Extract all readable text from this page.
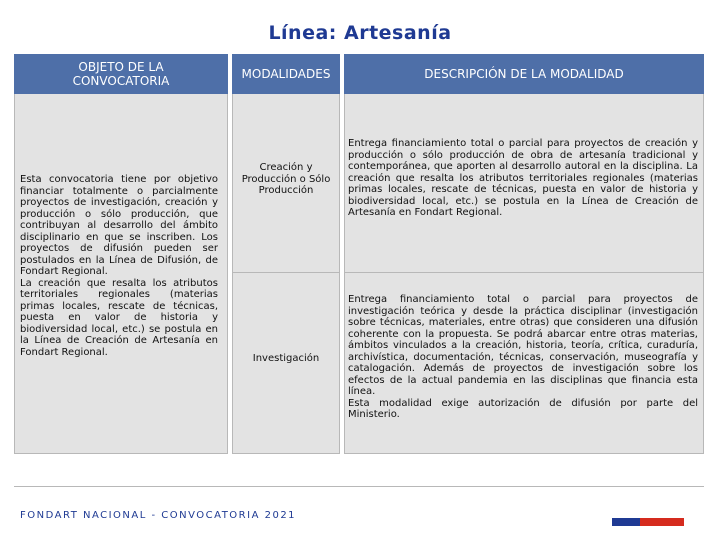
Línea: Artesanía
OBJETO DE LA CONVOCATORIA	MODALIDADES	DESCRIPCIÓN DE LA MODALIDAD
Esta convocatoria tiene por objetivo financiar totalmente o parcialmente proyectos de investigación, creación y producción o sólo producción, que contribuyan al desarrollo del ámbito disciplinario en que se inscriben. Los proyectos de difusión pueden ser postulados en la Línea de Difusión, de Fondart Regional.
La creación que resalta los atributos territoriales regionales (materias primas locales, rescate de técnicas, puesta en valor de historia y biodiversidad local, etc.) se postula en la Línea de Creación de Artesanía en Fondart Regional.
Creación y Producción o Sólo Producción
Investigación
Entrega financiamiento total o parcial para proyectos de creación y producción o sólo producción de obra de artesanía tradicional y contemporánea, que aporten al desarrollo autoral en la disciplina. La creación que resalta los atributos territoriales regionales (materias primas locales, rescate de técnicas, puesta en valor de historia y biodiversidad local, etc.) se postula en la Línea de Creación de Artesanía en Fondart Regional.
Entrega financiamiento total o parcial para proyectos de investigación teórica y desde la práctica disciplinar (investigación sobre técnicas, materiales, entre otras) que consideren una difusión coherente con la propuesta. Se podrá abarcar entre otras materias, ámbitos vinculados a la creación, historia, teoría, crítica, curaduría, archivística, documentación, técnicas, conservación, museografía y catalogación. Además de proyectos de investigación sobre los efectos de la actual pandemia en las disciplinas que financia esta línea.
Esta modalidad exige autorización de difusión por parte del Ministerio.
FONDART NACIONAL - CONVOCATORIA 2021
